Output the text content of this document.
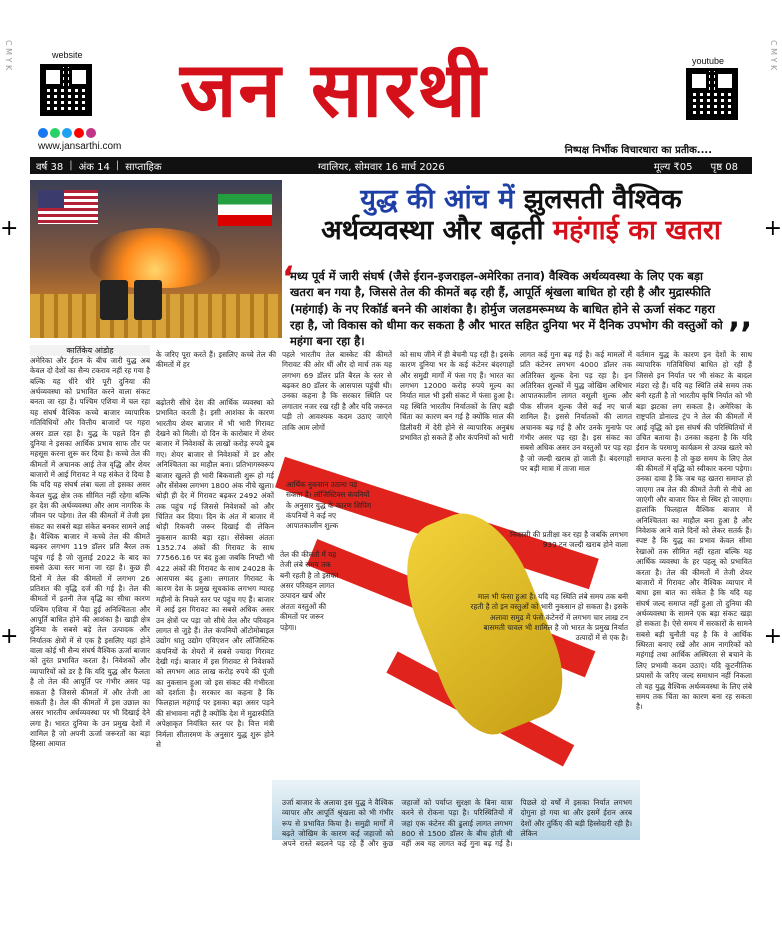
+	+
+	+
C M Y K	C M Y K
website
www.jansarthi.com
जन सारथी	youtube
निष्पक्ष निर्भीक विचारधारा का प्रतीक....
वर्ष 38 | अंक 14 | साप्ताहिक	ग्वालियर, सोमवार 16 मार्च 2026	मूल्य ₹05 पृष्ठ 08
युद्ध की आंच में झुलसती वैश्विक
अर्थव्यवस्था और बढ़ती महंगाई का खतरा
‘

मध्य पूर्व में जारी संघर्ष (जैसे ईरान-इजराइल-अमेरिका तनाव) वैश्विक अर्थव्यवस्था के लिए एक बड़ा खतरा बन गया है, जिससे तेल की कीमतें बढ़ रही हैं, आपूर्ति श्रृंखला बाधित हो रही है और मुद्रास्फीति (महंगाई) के नए रिकॉर्ड बनने की आशंका है। होर्मुज जलडमरूमध्य के बाधित होने से ऊर्जा संकट गहरा रहा है, जो विकास को धीमा कर सकता है और भारत सहित दुनिया भर में दैनिक उपभोग की वस्तुओं को महंगा बना रहा है।	’’
कार्तिकेय आंडोह
अमेरिका और ईरान के बीच जारी युद्ध अब केवल दो देशों का सैन्य टकराव नहीं रह गया है बल्कि यह धीरे धीरे पूरी दुनिया की अर्थव्यवस्था को प्रभावित करने वाला संकट बनता जा रहा है। पश्चिम एशिया में चल रहा यह संघर्ष वैश्विक कच्चे बाजार व्यापारिक गतिविधियों और वित्तीय बाजारों पर गहरा असर डाल रहा है। युद्ध के पहले दिन ही दुनिया ने इसका आर्थिक प्रभाव साफ तौर पर महसूस करना शुरू कर दिया है। कच्चे तेल की कीमतों में अचानक आई तेज वृद्धि और शेयर बाजारों में आई गिरावट ने यह संकेत दे दिया है कि यदि यह संघर्ष लंबा चला तो इसका असर केवल युद्ध क्षेत्र तक सीमित नहीं रहेगा बल्कि हर देश की अर्थव्यवस्था और आम नागरिक के जीवन पर पड़ेगा। तेल की कीमतों में तेजी इस संकट का सबसे बड़ा संकेत बनकर सामने आई है। वैश्विक बाजार में कच्चे तेल की कीमतें बढ़कर लगभग 119 डॉलर प्रति बैरल तक पहुंच गई है जो जुलाई 2022 के बाद का सबसे ऊंचा स्तर माना जा रहा है। कुछ ही दिनों में तेल की कीमतों में लगभग 26 प्रतिशत की वृद्धि दर्ज की गई है। तेल की कीमतों में इतनी तेज वृद्धि का सीधा कारण पश्चिम एशिया में पैदा हुई अनिश्चितता और आपूर्ति बाधित होने की आशंका है। खाड़ी क्षेत्र दुनिया के सबसे बड़े तेल उत्पादक और निर्यातक क्षेत्रों में से एक है इसलिए यहां होने वाला कोई भी सैन्य संघर्ष वैश्विक ऊर्जा बाजार को तुरंत प्रभावित करता है। निवेशकों और व्यापारियों को डर है कि यदि युद्ध और फैलता है तो तेल की आपूर्ति पर गंभीर असर पड़ सकता है जिससे कीमतों में और तेजी आ सकती है। तेल की कीमतों में इस उछाल का असर भारतीय अर्थव्यवस्था पर भी दिखाई देने लगा है। भारत दुनिया के उन प्रमुख देशों में शामिल है जो अपनी ऊर्जा जरूरतों का बड़ा हिस्सा आयात
के जरिए पूरा करते हैं। इसलिए कच्चे तेल की कीमतों में हर
बढ़ोतरी सीधे देश की आर्थिक व्यवस्था को प्रभावित करती है। इसी आशंका के कारण भारतीय शेयर बाजार में भी भारी गिरावट देखने को मिली। दो दिन के कारोबार में शेयर बाजार में निवेशकों के लाखों करोड़ रुपये डूब गए। शेयर बाजार से निवेशकों में डर और अनिश्चितता का माहौल बना। प्रतिभागस्वरूप बाजार खुलते ही भारी बिकवाली शुरू हो गई और सेंसेक्स लगभग 1800 अंक नीचे खुला। थोड़ी ही देर में गिरावट बढ़कर 2492 अंकों तक पहुंच गई जिससे निवेशकों को और चिंतित कर दिया। दिन के अंत में बाजार में थोड़ी रिकवरी जरूर दिखाई दी लेकिन नुकसान काफी बड़ा रहा। सेंसेक्स अंततः 1352.74 अंकों की गिरावट के साथ 77566.16 पर बंद हुआ जबकि निफ्टी भी 422 अंकों की गिरावट के साथ 24028 के आसपास बंद हुआ। लगातार गिरावट के कारण देश के प्रमुख सूचकांक लगभग ग्यारह महीनों के निचले स्तर पर पहुंच गए हैं। बाजार में आई इस गिरावट का सबसे अधिक असर उन क्षेत्रों पर पड़ा जो सीधे तेल और परिवहन लागत से जुड़े हैं। तेल कंपनियों ऑटोमोबाइल उद्योग धातु उद्योग एविएशन और लॉजिस्टिक कंपनियों के शेयरों में सबसे ज्यादा गिरावट देखी गई। बाजार में इस गिरावट से निवेशकों को लगभग आठ लाख करोड़ रुपये की पूंजी का नुकसान हुआ जो इस संकट की गंभीरता को दर्शाता है। सरकार का कहना है कि फिलहाल महंगाई पर इसका बड़ा असर पड़ने की संभावना नहीं है क्योंकि देश में मुद्रास्फीति अपेक्षाकृत नियंत्रित स्तर पर है। वित्त मंत्री निर्मला सीतारमण के अनुसार युद्ध शुरू होने से
आर्थिक नुकसान उठाना पड़ सकता है। लॉजिस्टिक्स कंपनियों के अनुसार युद्ध के कारण शिपिंग कंपनियों ने कई नए आपातकालीन शुल्क
तेल की कीमतों में यह तेजी लंबे समय तक बनी रहती है तो इसका असर परिवहन लागत उत्पादन खर्च और अंततः वस्तुओं की कीमतों पर जरूर पड़ेगा।
निकासी की प्रतीक्षा कर रहा है जबकि लगभग 939 टन जल्दी खराब होने वाला
माल भी फंसा हुआ है। यदि यह स्थिति लंबे समय तक बनी रहती है तो इन वस्तुओं को भारी नुकसान हो सकता है। इसके अलावा समुद्र में फंसे कंटेनरों में लगभग चार लाख टन बासमती चावल भी शामिल है जो भारत के प्रमुख निर्यात उत्पादों में से एक है।
पहले भारतीय तेल बास्केट की कीमतें गिरावट की ओर थीं और दो मार्च तक यह लगभग 69 डॉलर प्रति बैरल के स्तर से बढ़कर 80 डॉलर के आसपास पहुंची थी। उनका कहना है कि सरकार स्थिति पर लगातार नजर रख रही है और यदि जरूरत पड़ी तो आवश्यक कदम उठाए जाएंगे ताकि आम लोगों
को साथ जीने में ही बेचनी पड़ रही है। इसके कारण दुनिया भर के कई कंटेनर बंदरगाहों और समुद्री मार्गों में फंस गए हैं। भारत का लगभग 12000 करोड़ रुपये मूल्य का निर्यात माल भी इसी संकट में फंसा हुआ है। यह स्थिति भारतीय निर्यातकों के लिए बड़ी चिंता का कारण बन गई है क्योंकि माल की डिलीवरी में देरी होने से व्यापारिक अनुबंध प्रभावित हो सकते हैं और कंपनियों को भारी
लागत कई गुना बढ़ गई है। कई मामलों में प्रति कंटेनर लगभग 4000 डॉलर तक अतिरिक्त शुल्क देना पड़ रहा है। इन अतिरिक्त शुल्कों में युद्ध जोखिम अधिभार आपातकालीन लागत वसूली शुल्क और पीक सीजन शुल्क जैसे कई नए चार्ज शामिल हैं। इससे निर्यातकों की लागत अचानक बढ़ गई है और उनके मुनाफे पर गंभीर असर पड़ रहा है। इस संकट का सबसे अधिक असर उन वस्तुओं पर पड़ रहा है जो जल्दी खराब हो जाती हैं। बंदरगाहों पर बड़ी मात्रा में ताजा माल
वर्तमान युद्ध के कारण इन देशों के साथ व्यापारिक गतिविधियां बाधित हो रही हैं जिससे इन निर्यात पर भी संकट के बादल मंडरा रहे हैं। यदि यह स्थिति लंबे समय तक बनी रहती है तो भारतीय कृषि निर्यात को भी बड़ा झटका लग सकता है। अमेरिका के राष्ट्रपति डोनाल्ड ट्रंप ने तेल की कीमतों में आई वृद्धि को इस संघर्ष की परिस्थितियों में उचित बताया है। उनका कहना है कि यदि ईरान के परमाणु कार्यक्रम से उत्पन्न खतरे को समाप्त करना है तो कुछ समय के लिए तेल की कीमतों में वृद्धि को स्वीकार करना पड़ेगा। उनका दावा है कि जब यह खतरा समाप्त हो जाएगा तब तेल की कीमतें तेजी से नीचे आ जाएंगी और बाजार फिर से स्थिर हो जाएगा। हालांकि फिलहाल वैश्विक बाजार में अनिश्चितता का माहौल बना हुआ है और निवेशक आने वाले दिनों को लेकर सतर्क हैं। स्पष्ट है कि युद्ध का प्रभाव केवल सीमा रेखाओं तक सीमित नहीं रहता बल्कि यह आर्थिक व्यवस्था के हर पहलू को प्रभावित करता है। तेल की कीमतों में तेजी शेयर बाजारों में गिरावट और वैश्विक व्यापार में बाधा इस बात का संकेत है कि यदि यह संघर्ष जल्द समाप्त नहीं हुआ तो दुनिया की अर्थव्यवस्था के सामने एक बड़ा संकट खड़ा हो सकता है। ऐसे समय में सरकारों के सामने सबसे बड़ी चुनौती यह है कि वे आर्थिक स्थिरता बनाए रखें और आम नागरिकों को महंगाई तथा आर्थिक अस्थिरता से बचाने के लिए प्रभावी कदम उठाएं। यदि कूटनीतिक प्रयासों के जरिए जल्द समाधान नहीं निकला तो यह युद्ध वैश्विक अर्थव्यवस्था के लिए लंबे समय तक चिंता का कारण बना रह सकता है।
उर्जा बाजार के अलावा इस युद्ध ने वैश्विक व्यापार और आपूर्ति श्रृंखला को भी गंभीर रूप से प्रभावित किया है। समुद्री मार्गों में बढ़ते जोखिम के कारण कई जहाजों को अपने रास्ते बदलने पड़ रहे हैं और कुछ जहाजों को पर्याप्त सुरक्षा के बिना यात्रा करने से रोकना पड़ा है। परिस्थितियों में जहां एक कंटेनर की ढुलाई लागत लगभग 800 से 1500 डॉलर के बीच होती थी वहीं अब यह लागत कई गुना बढ़ गई है। पिछले दो वर्षों में इसका निर्यात लगभग दोगुना हो गया था और इसमें ईरान अरब देशों और तुर्किए की बड़ी हिस्सेदारी रही है। लेकिन
